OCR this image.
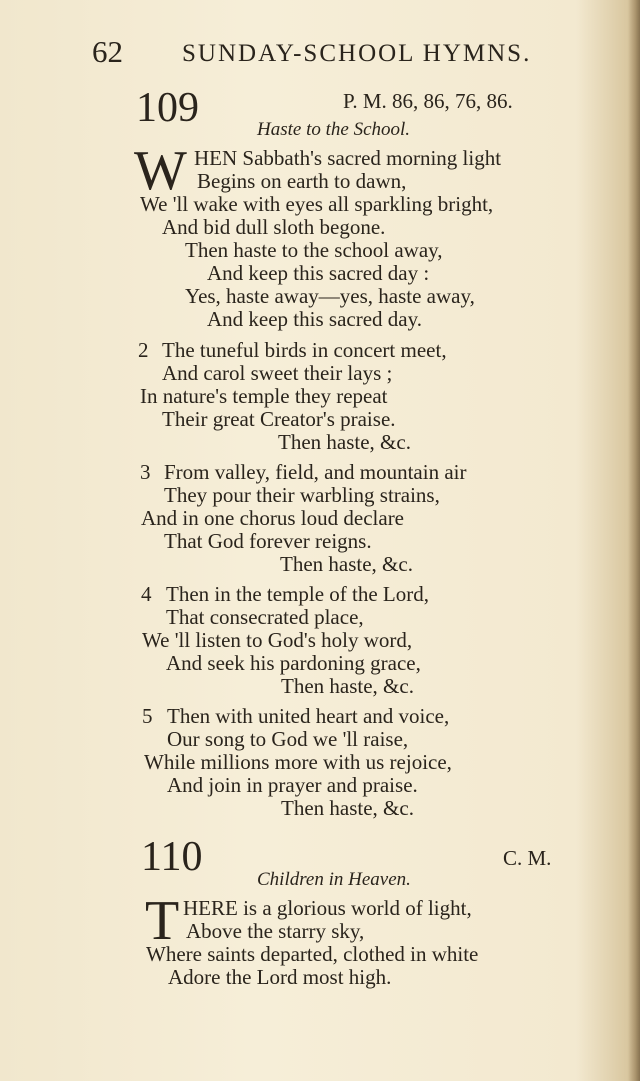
62 SUNDAY-SCHOOL HYMNS.
109	P. M. 86, 86, 76, 86.
Haste to the School.
W HEN Sabbath's sacred morning light
Begins on earth to dawn,
We 'll wake with eyes all sparkling bright,
And bid dull sloth begone.
Then haste to the school away,
And keep this sacred day :
Yes, haste away—yes, haste away,
And keep this sacred day.
2 The tuneful birds in concert meet,
And carol sweet their lays ;
In nature's temple they repeat
Their great Creator's praise.
Then haste, &c.
3 From valley, field, and mountain air
They pour their warbling strains,
And in one chorus loud declare
That God forever reigns.
Then haste, &c.
4 Then in the temple of the Lord,
That consecrated place,
We 'll listen to God's holy word,
And seek his pardoning grace,
Then haste, &c.
5 Then with united heart and voice,
Our song to God we 'll raise,
While millions more with us rejoice,
And join in prayer and praise.
Then haste, &c.
110	C. M.
Children in Heaven.
T HERE is a glorious world of light,
Above the starry sky,
Where saints departed, clothed in white
Adore the Lord most high.
